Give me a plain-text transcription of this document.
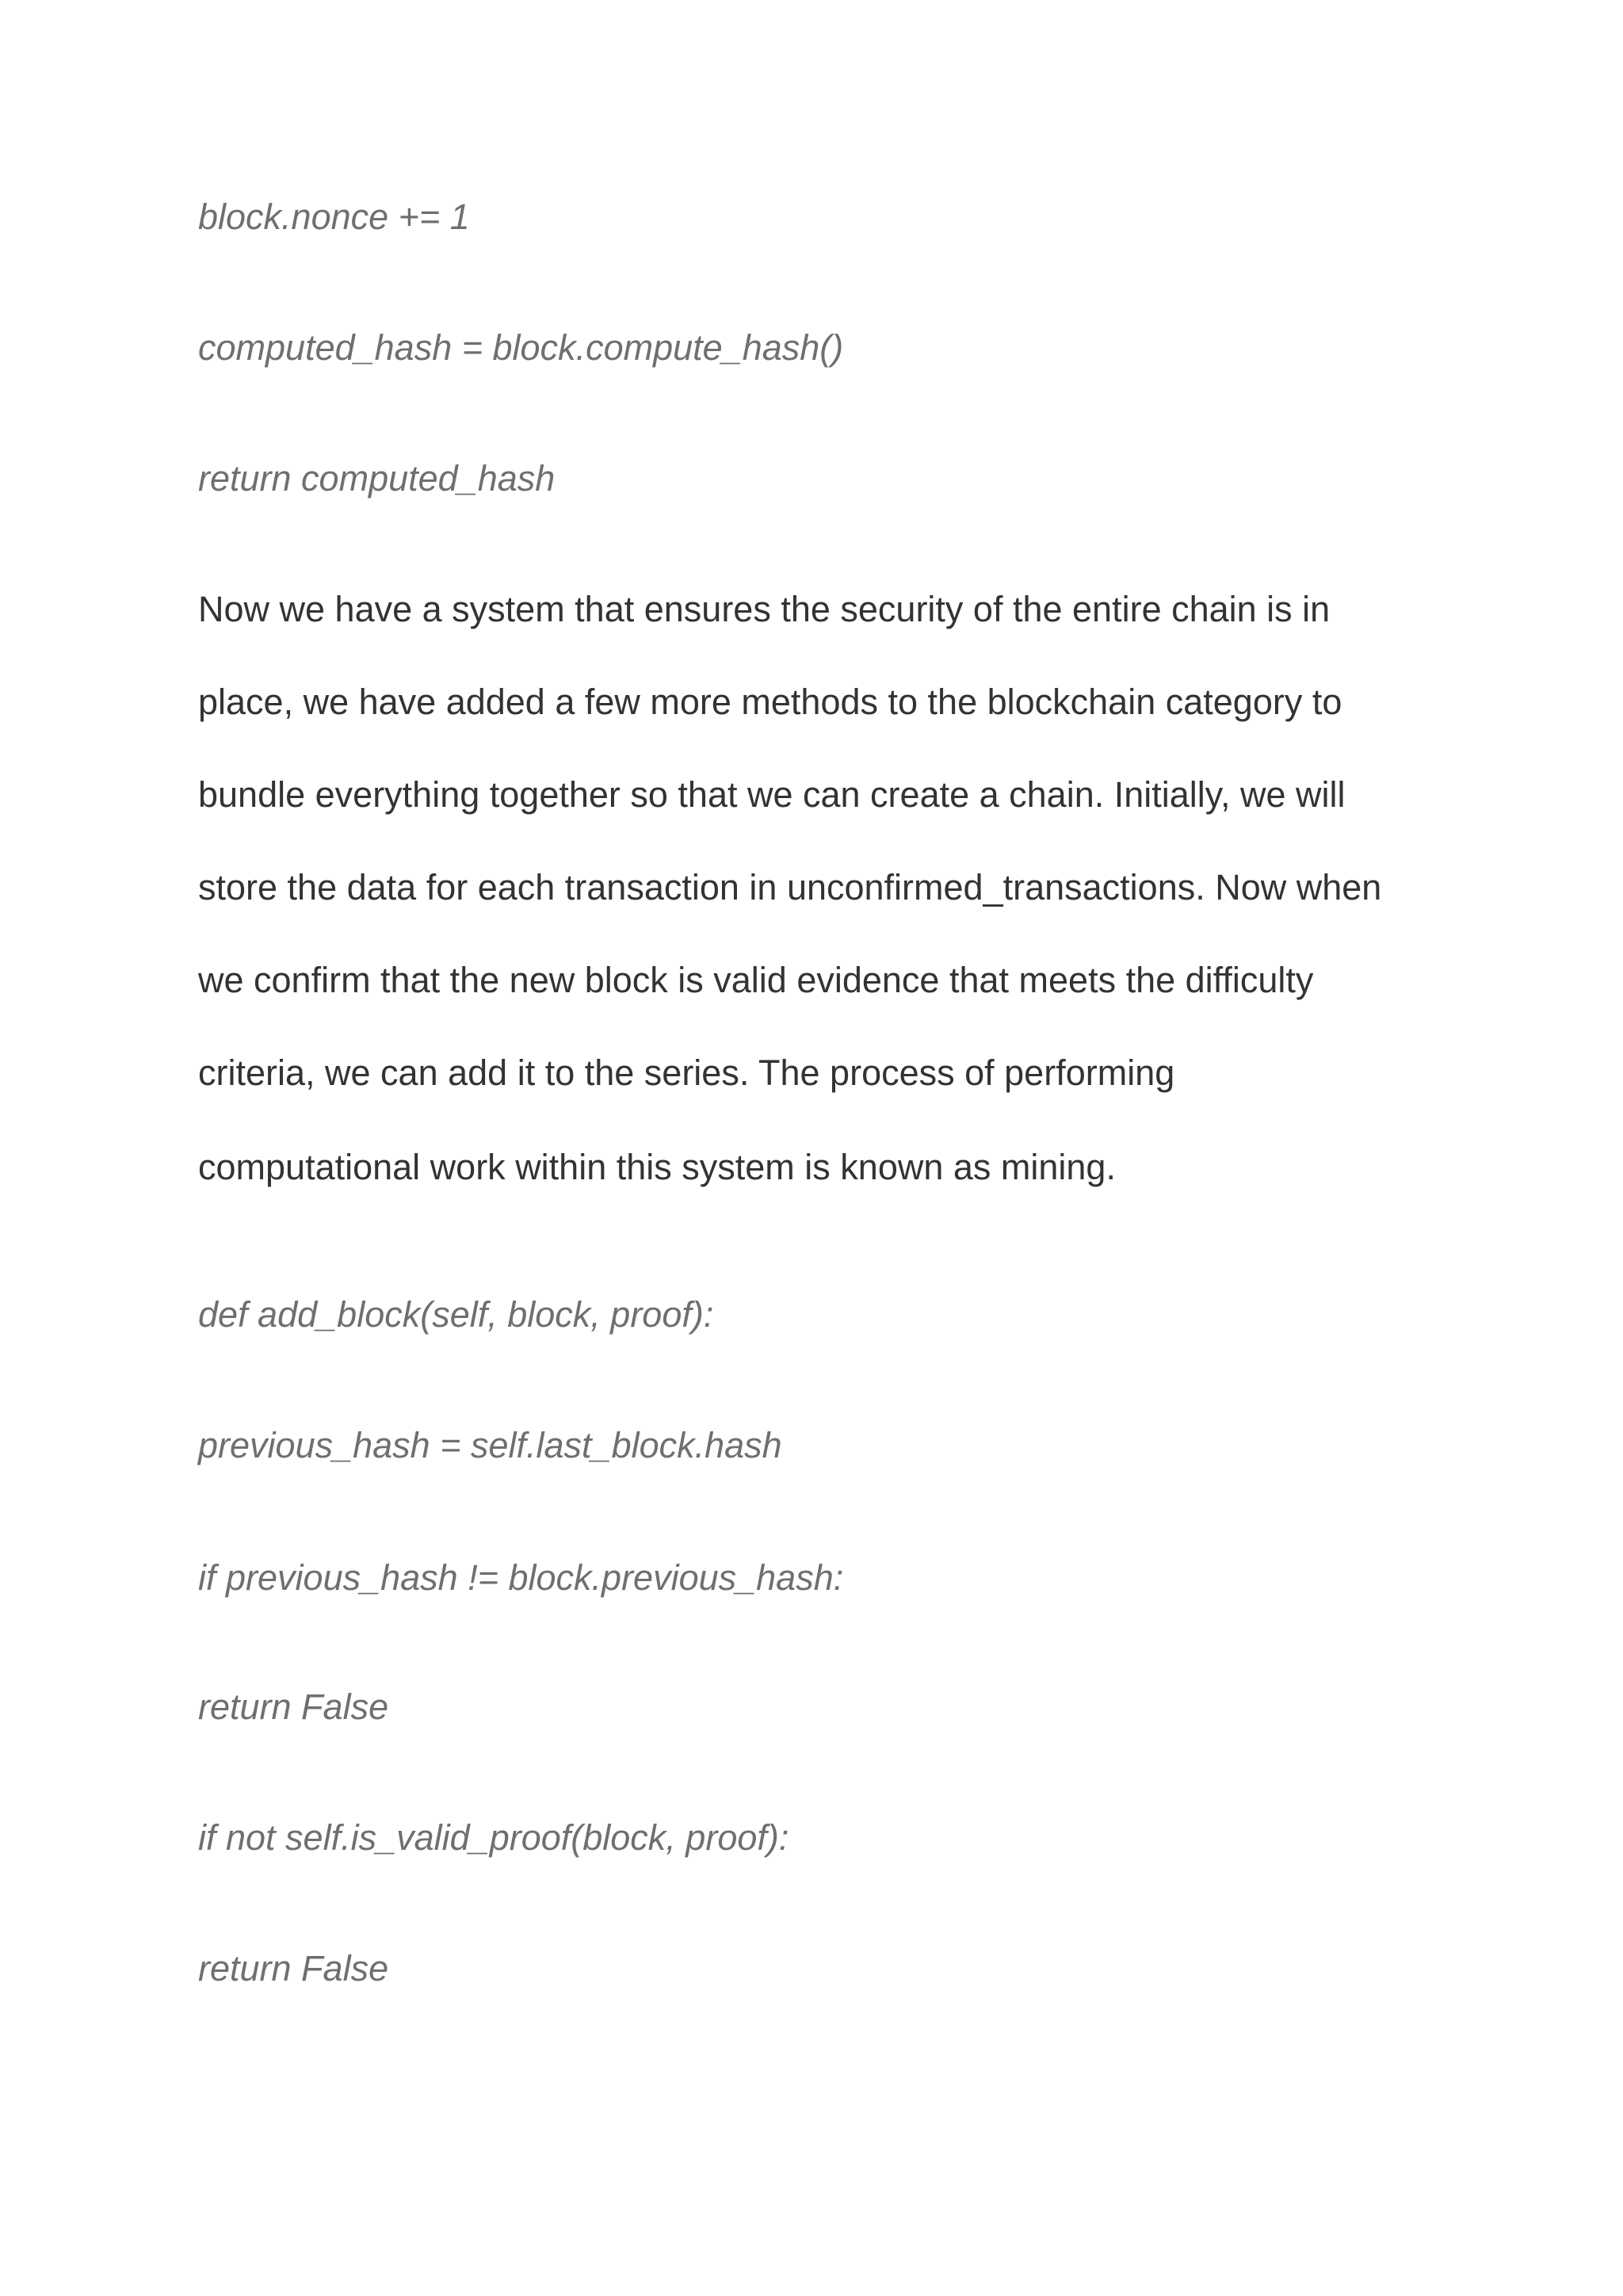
block.nonce += 1

computed_hash = block.compute_hash()

return computed_hash

Now we have a system that ensures the security of the entire chain is in

place, we have added a few more methods to the blockchain category to

bundle everything together so that we can create a chain. Initially, we will

store the data for each transaction in unconfirmed_transactions. Now when

we confirm that the new block is valid evidence that meets the difficulty

criteria, we can add it to the series. The process of performing

computational work within this system is known as mining.

def add_block(self, block, proof):

previous_hash = self.last_block.hash

if previous_hash != block.previous_hash:

return False

if not self.is_valid_proof(block, proof):

return False
